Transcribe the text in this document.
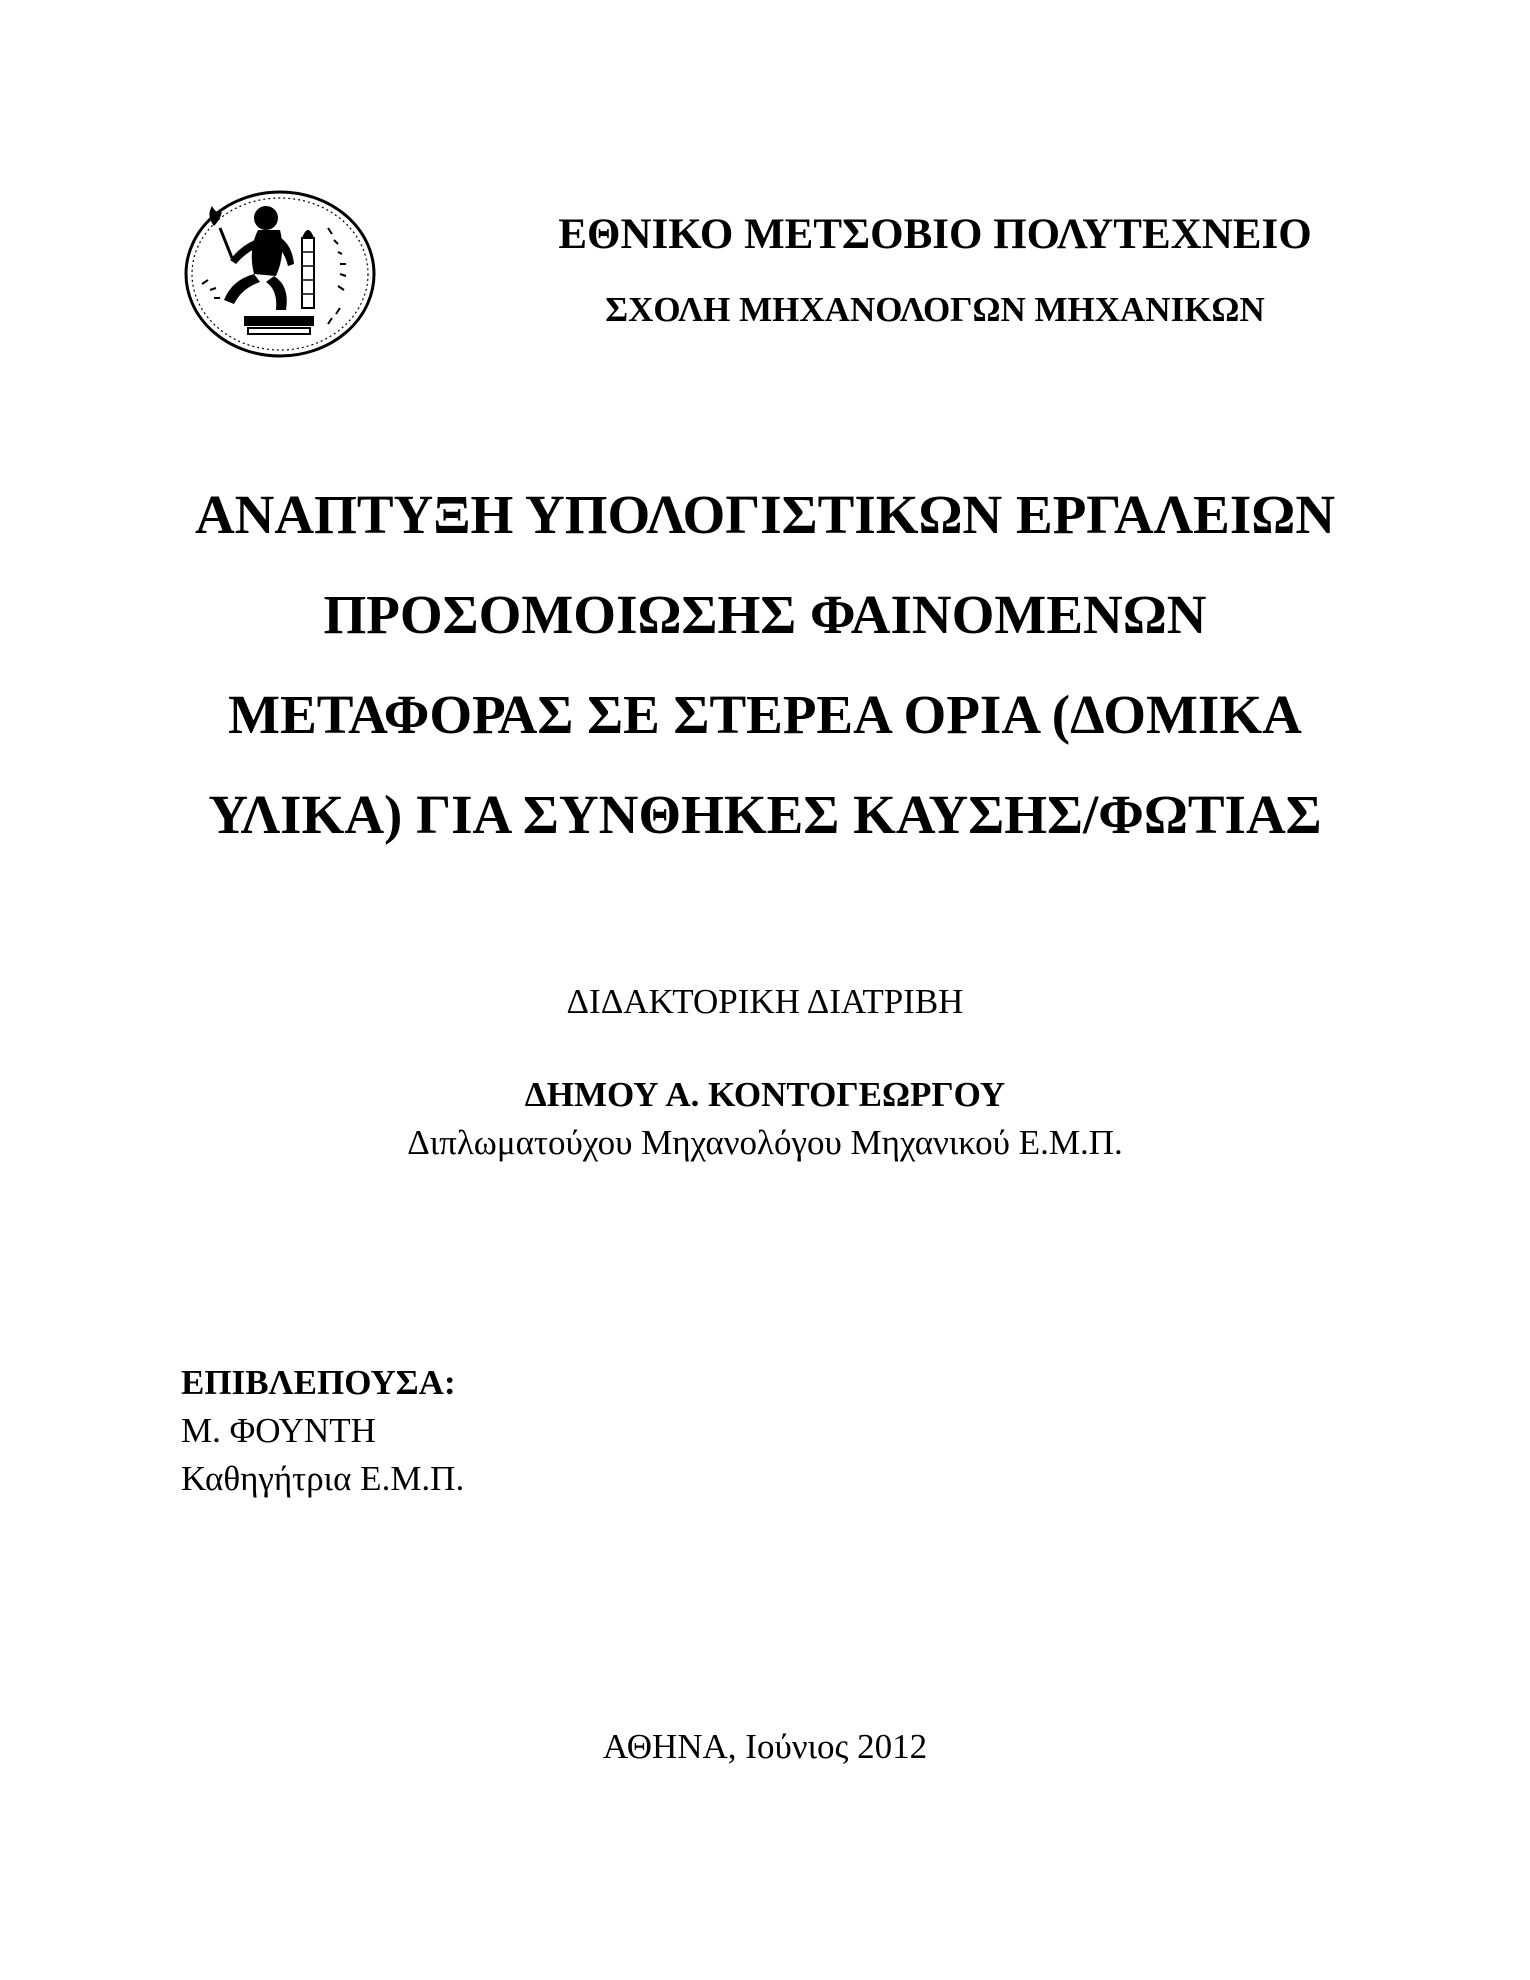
ΕΘΝΙΚΟ ΜΕΤΣΟΒΙΟ ΠΟΛΥΤΕΧΝΕΙΟ
ΣΧΟΛΗ ΜΗΧΑΝΟΛΟΓΩΝ ΜΗΧΑΝΙΚΩΝ
ΑΝΑΠΤΥΞΗ ΥΠΟΛΟΓΙΣΤΙΚΩΝ ΕΡΓΑΛΕΙΩΝ
ΠΡΟΣΟΜΟΙΩΣΗΣ ΦΑΙΝΟΜΕΝΩΝ
ΜΕΤΑΦΟΡΑΣ ΣΕ ΣΤΕΡΕΑ ΟΡΙΑ (ΔΟΜΙΚΑ
ΥΛΙΚΑ) ΓΙΑ ΣΥΝΘΗΚΕΣ ΚΑΥΣΗΣ/ΦΩΤΙΑΣ
ΔΙΔΑΚΤΟΡΙΚΗ ΔΙΑΤΡΙΒΗ
ΔΗΜΟΥ Α. ΚΟΝΤΟΓΕΩΡΓΟΥ
Διπλωματούχου Μηχανολόγου Μηχανικού Ε.Μ.Π.
ΕΠΙΒΛΕΠΟΥΣΑ:
Μ. ΦΟΥΝΤΗ
Καθηγήτρια Ε.Μ.Π.
ΑΘΗΝΑ, Ιούνιος 2012
